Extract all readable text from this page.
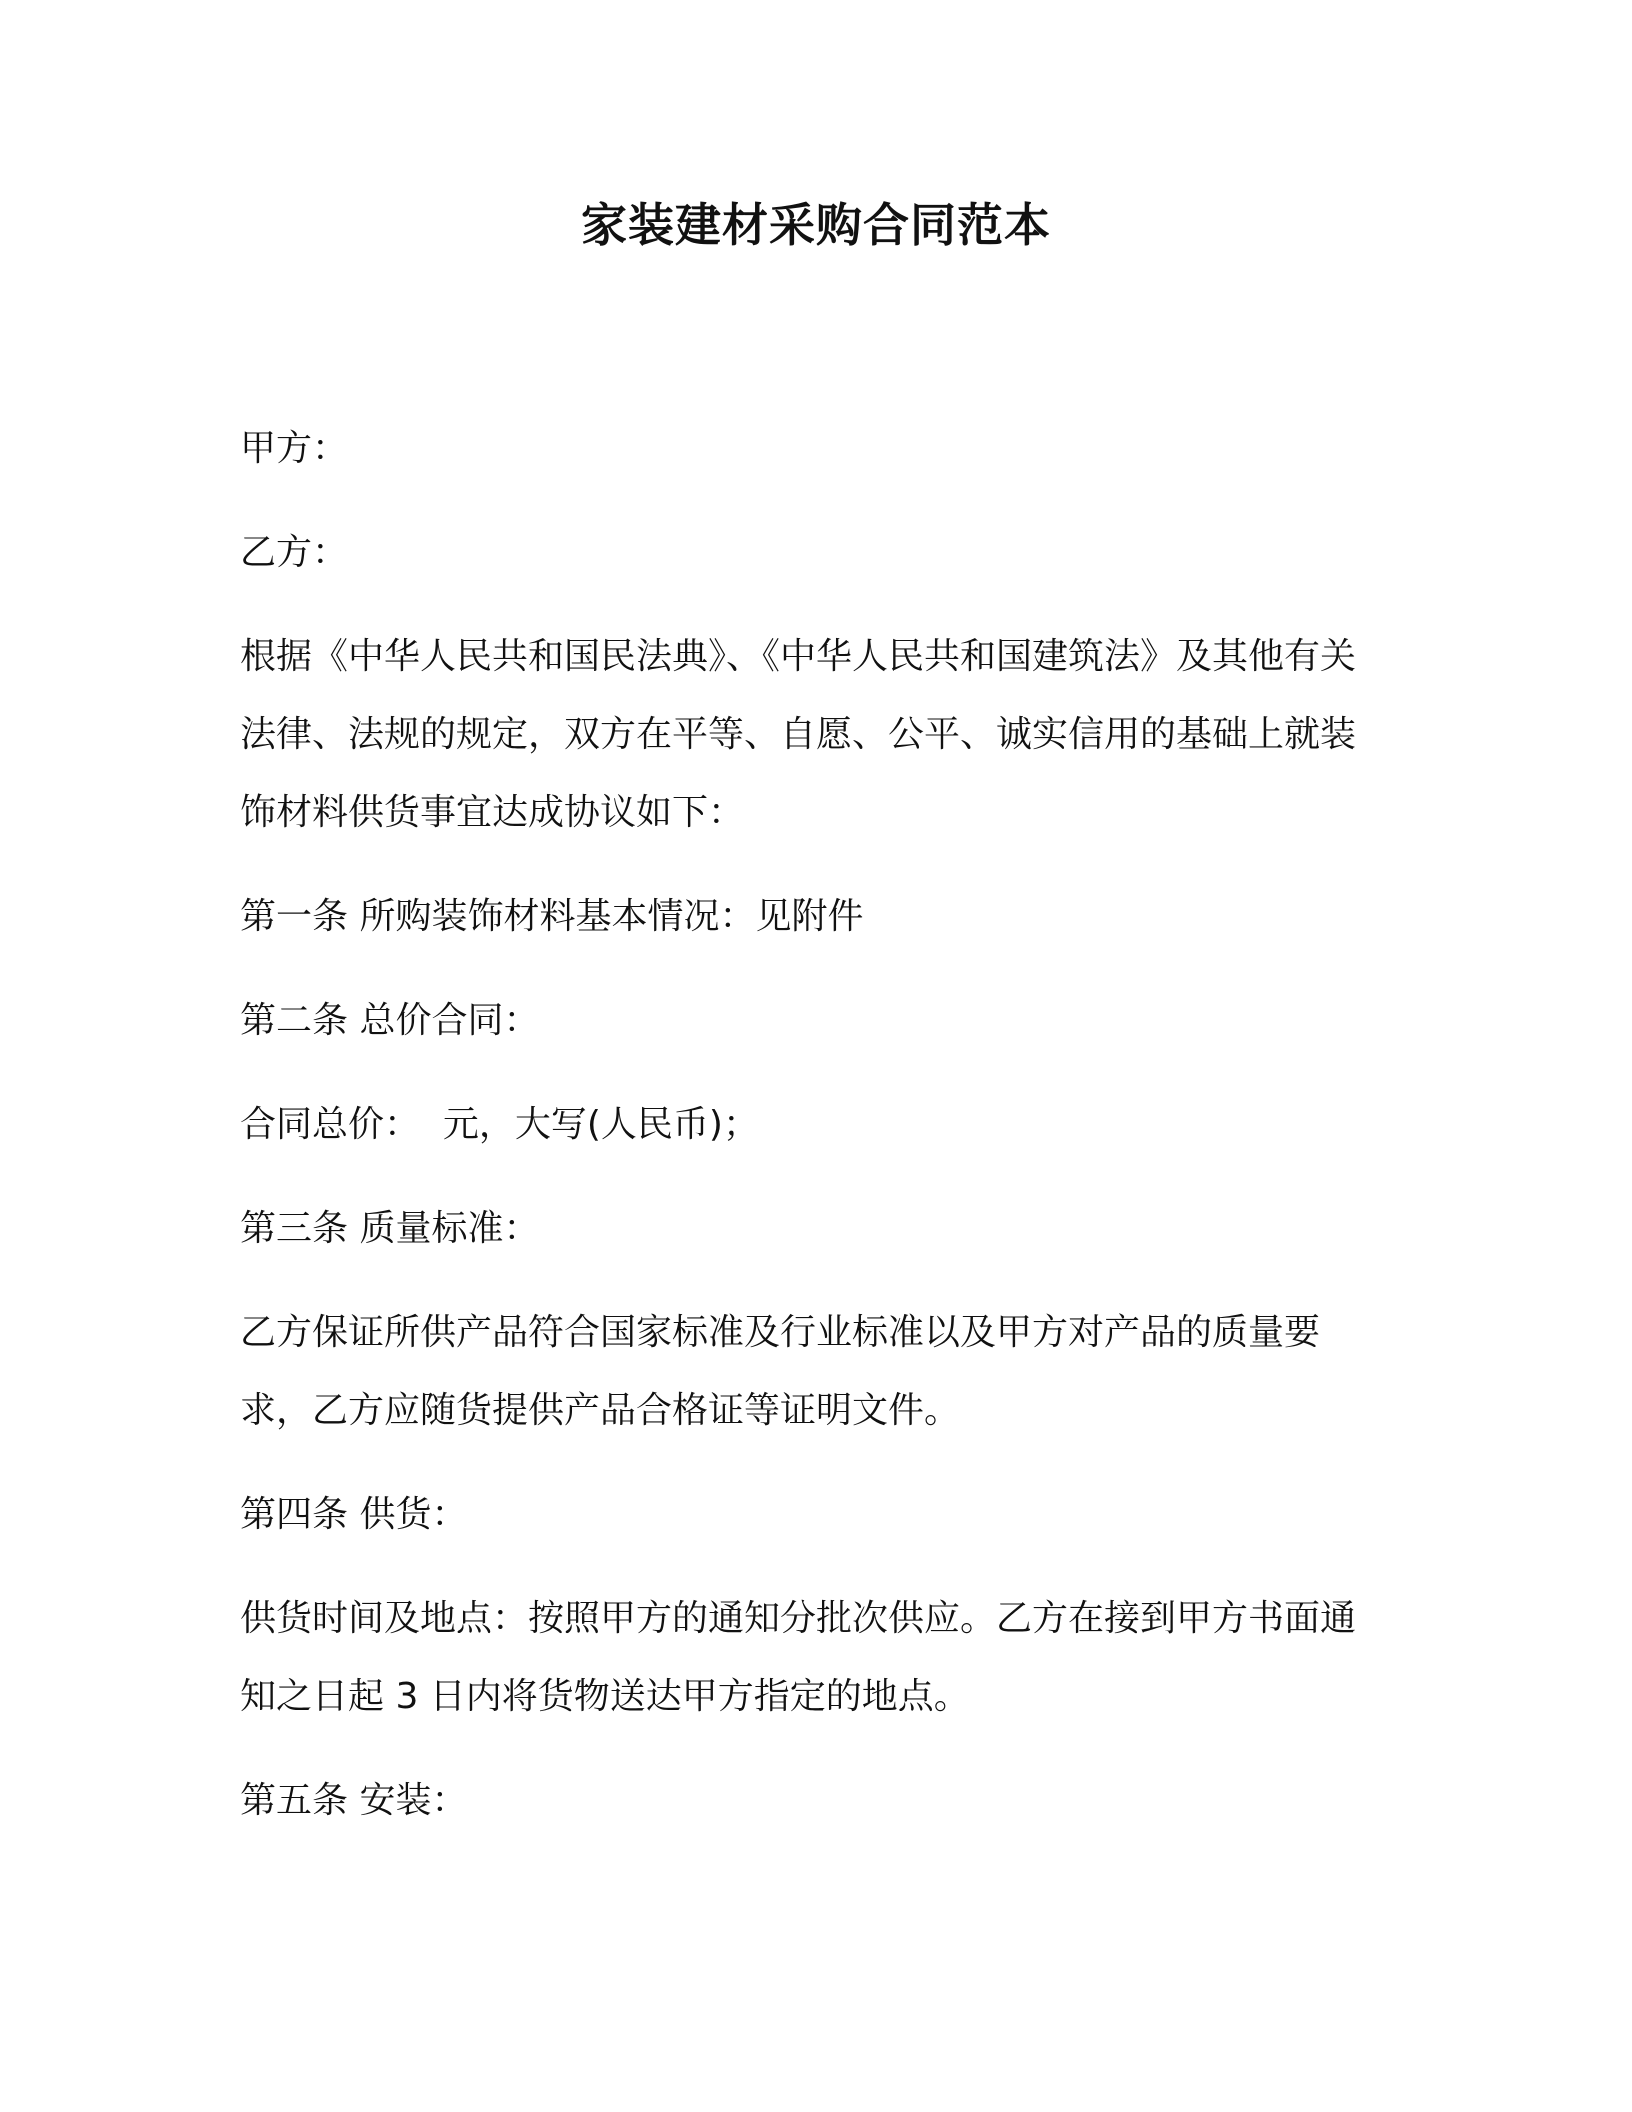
家装建材采购合同范本

甲方：

乙方：

根据《中华人民共和国民法典》、《中华人民共和国建筑法》及其他有关法律、法规的规定，双方在平等、自愿、公平、诚实信用的基础上就装饰材料供货事宜达成协议如下：

第一条 所购装饰材料基本情况：见附件

第二条 总价合同：

合同总价：  元，大写(人民币)；

第三条 质量标准：

乙方保证所供产品符合国家标准及行业标准以及甲方对产品的质量要求，乙方应随货提供产品合格证等证明文件。

第四条 供货：

供货时间及地点：按照甲方的通知分批次供应。乙方在接到甲方书面通知之日起 3 日内将货物送达甲方指定的地点。

第五条 安装：
